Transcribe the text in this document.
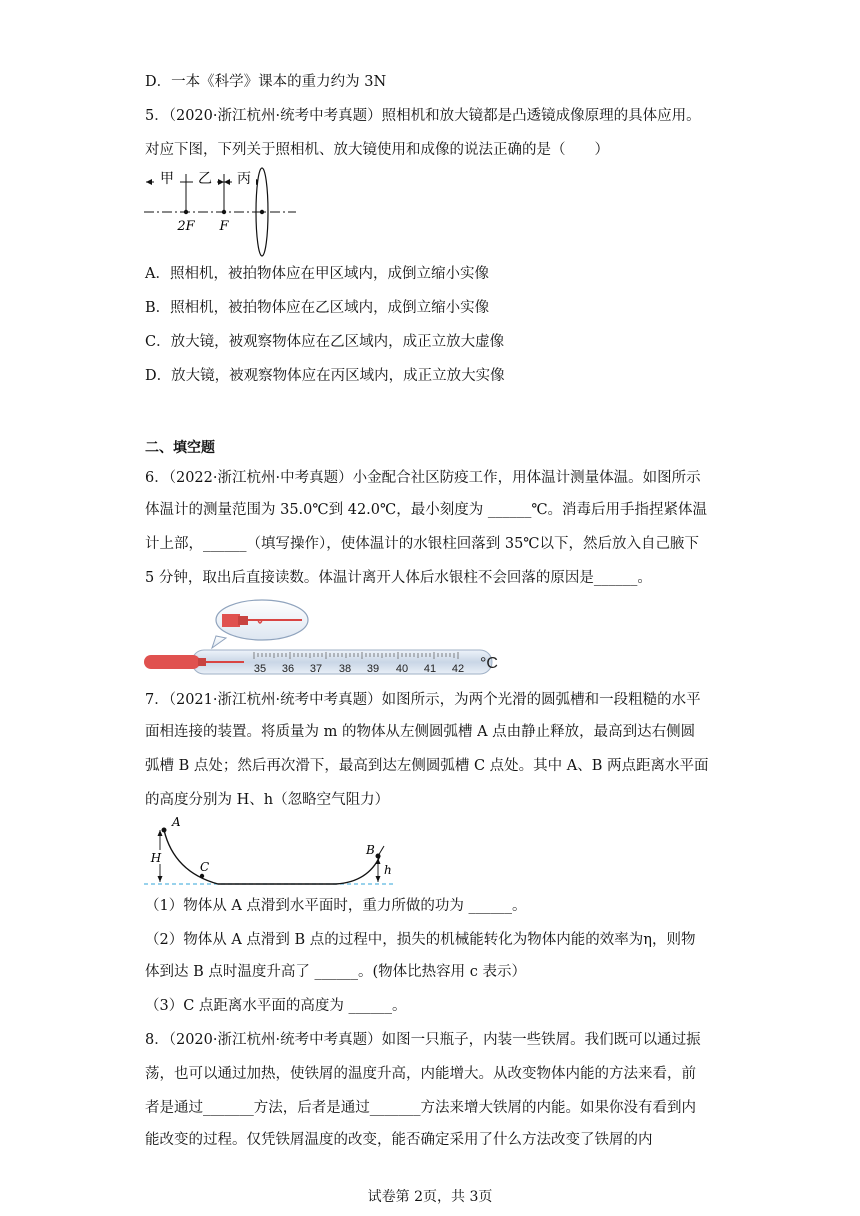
D．一本《科学》课本的重力约为 3N
5．（2020·浙江杭州·统考中考真题）照相机和放大镜都是凸透镜成像原理的具体应用。
对应下图，下列关于照相机、放大镜使用和成像的说法正确的是（　　）
甲 乙 丙
2F F
A．照相机，被拍物体应在甲区域内，成倒立缩小实像
B．照相机，被拍物体应在乙区域内，成倒立缩小实像
C．放大镜，被观察物体应在乙区域内，成正立放大虚像
D．放大镜，被观察物体应在丙区域内，成正立放大实像
二、填空题
6．（2022·浙江杭州·中考真题）小金配合社区防疫工作，用体温计测量体温。如图所示
体温计的测量范围为 35.0℃到 42.0℃，最小刻度为 ______℃。消毒后用手指捏紧体温
计上部，______（填写操作），使体温计的水银柱回落到 35℃以下，然后放入自己腋下
5 分钟，取出后直接读数。体温计离开人体后水银柱不会回落的原因是______。
35 36 37 38 39 40 41 42 °C
7．（2021·浙江杭州·统考中考真题）如图所示，为两个光滑的圆弧槽和一段粗糙的水平
面相连接的装置。将质量为 m 的物体从左侧圆弧槽 A 点由静止释放，最高到达右侧圆
弧槽 B 点处；然后再次滑下，最高到达左侧圆弧槽 C 点处。其中 A、B 两点距离水平面
的高度分别为 H、h（忽略空气阻力）
H
A
C
B
h
（1）物体从 A 点滑到水平面时，重力所做的功为 ______。
（2）物体从 A 点滑到 B 点的过程中，损失的机械能转化为物体内能的效率为η，则物
体到达 B 点时温度升高了 ______。(物体比热容用 c 表示）
（3）C 点距离水平面的高度为 ______。
8．（2020·浙江杭州·统考中考真题）如图一只瓶子，内装一些铁屑。我们既可以通过振
荡，也可以通过加热，使铁屑的温度升高，内能增大。从改变物体内能的方法来看，前
者是通过_______方法，后者是通过_______方法来增大铁屑的内能。如果你没有看到内
能改变的过程。仅凭铁屑温度的改变，能否确定采用了什么方法改变了铁屑的内
试卷第 2页，共 3页
